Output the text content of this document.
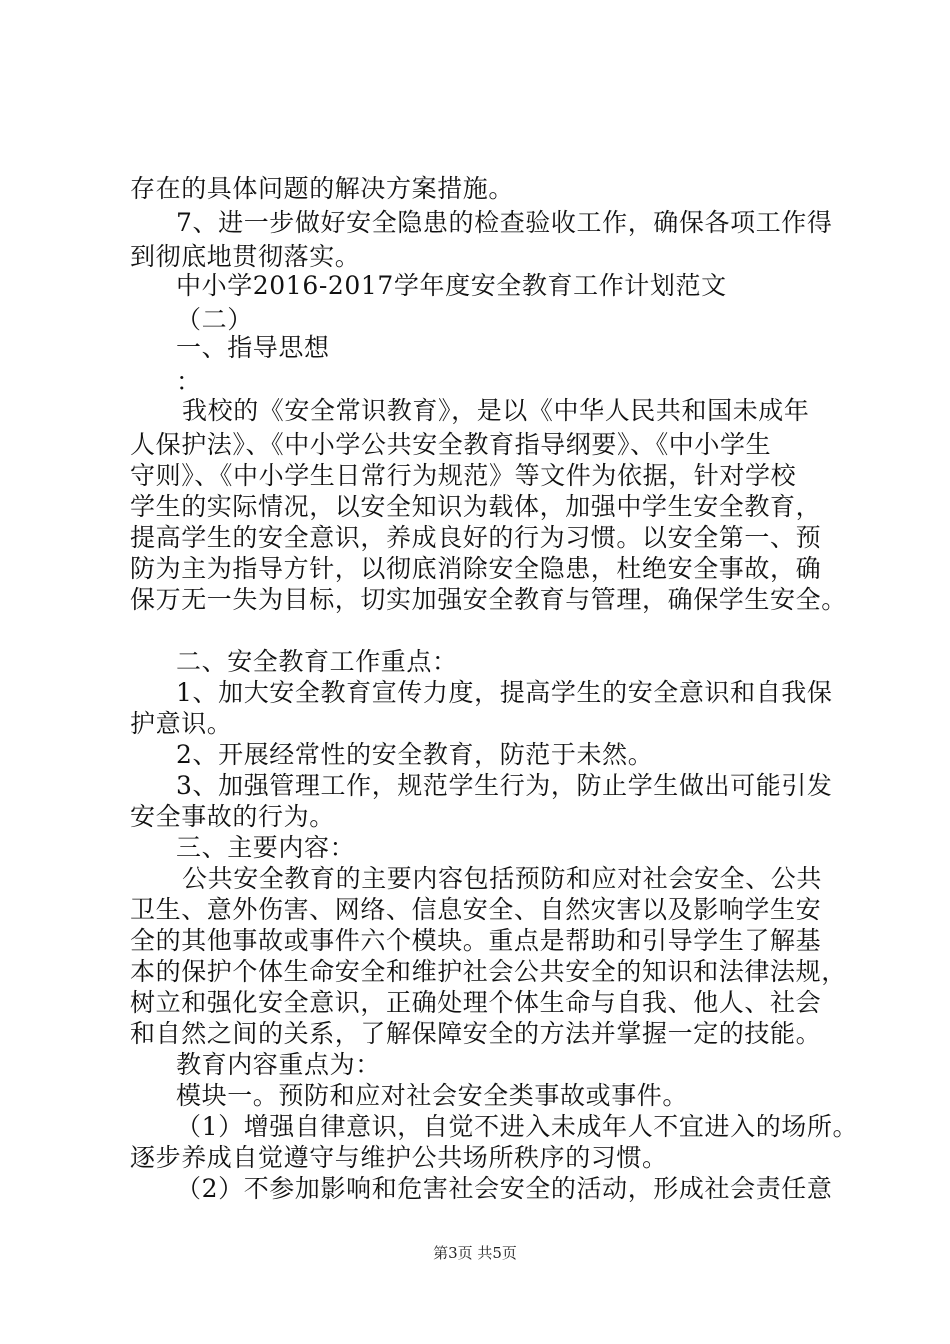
存在的具体问题的解决方案措施。
7、进一步做好安全隐患的检查验收工作，确保各项工作得
到彻底地贯彻落实。
中小学2016-2017学年度安全教育工作计划范文
（二）
一、指导思想
：
我校的《安全常识教育》，是以《中华人民共和国未成年
人保护法》、《中小学公共安全教育指导纲要》、《中小学生
守则》、《中小学生日常行为规范》等文件为依据，针对学校
学生的实际情况，以安全知识为载体，加强中学生安全教育，
提高学生的安全意识，养成良好的行为习惯。以安全第一、预
防为主为指导方针，以彻底消除安全隐患，杜绝安全事故，确
保万无一失为目标，切实加强安全教育与管理，确保学生安全。
二、安全教育工作重点：
1、加大安全教育宣传力度，提高学生的安全意识和自我保
护意识。
2、开展经常性的安全教育，防范于未然。
3、加强管理工作，规范学生行为，防止学生做出可能引发
安全事故的行为。
三、主要内容：
公共安全教育的主要内容包括预防和应对社会安全、公共
卫生、意外伤害、网络、信息安全、自然灾害以及影响学生安
全的其他事故或事件六个模块。重点是帮助和引导学生了解基
本的保护个体生命安全和维护社会公共安全的知识和法律法规，
树立和强化安全意识，正确处理个体生命与自我、他人、社会
和自然之间的关系，了解保障安全的方法并掌握一定的技能。
教育内容重点为：
模块一。预防和应对社会安全类事故或事件。
（1）增强自律意识，自觉不进入未成年人不宜进入的场所。
逐步养成自觉遵守与维护公共场所秩序的习惯。
（2）不参加影响和危害社会安全的活动，形成社会责任意
第3页 共5页
